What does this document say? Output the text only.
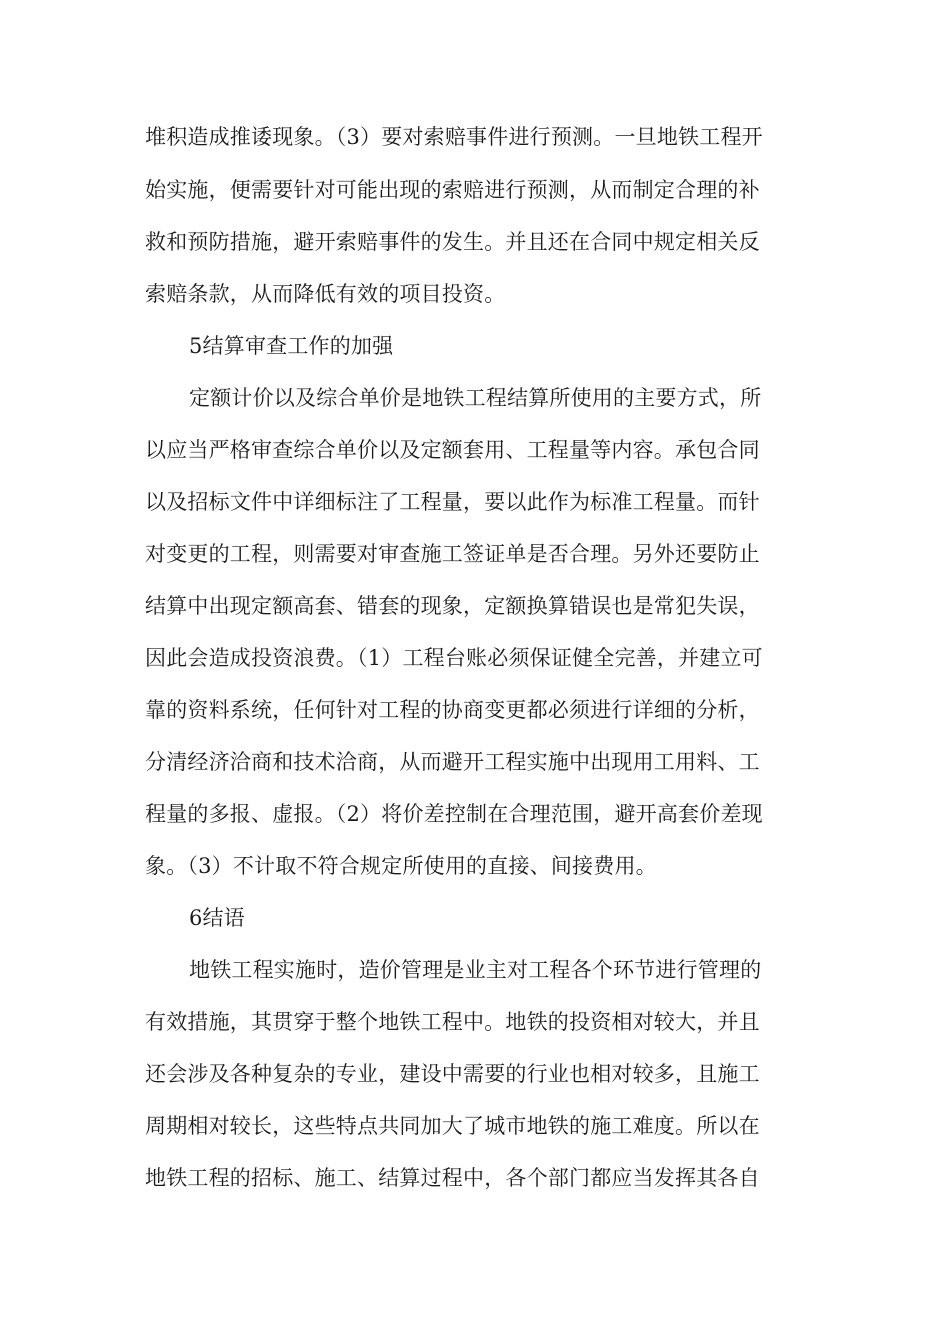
堆积造成推诿现象。（3）要对索赔事件进行预测。一旦地铁工程开
始实施，便需要针对可能出现的索赔进行预测，从而制定合理的补
救和预防措施，避开索赔事件的发生。并且还在合同中规定相关反
索赔条款，从而降低有效的项目投资。
5结算审查工作的加强
定额计价以及综合单价是地铁工程结算所使用的主要方式，所
以应当严格审查综合单价以及定额套用、工程量等内容。承包合同
以及招标文件中详细标注了工程量，要以此作为标准工程量。而针
对变更的工程，则需要对审查施工签证单是否合理。另外还要防止
结算中出现定额高套、错套的现象，定额换算错误也是常犯失误，
因此会造成投资浪费。（1）工程台账必须保证健全完善，并建立可
靠的资料系统，任何针对工程的协商变更都必须进行详细的分析，
分清经济洽商和技术洽商，从而避开工程实施中出现用工用料、工
程量的多报、虚报。（2）将价差控制在合理范围，避开高套价差现
象。（3）不计取不符合规定所使用的直接、间接费用。
6结语
地铁工程实施时，造价管理是业主对工程各个环节进行管理的
有效措施，其贯穿于整个地铁工程中。地铁的投资相对较大，并且
还会涉及各种复杂的专业，建设中需要的行业也相对较多，且施工
周期相对较长，这些特点共同加大了城市地铁的施工难度。所以在
地铁工程的招标、施工、结算过程中，各个部门都应当发挥其各自
